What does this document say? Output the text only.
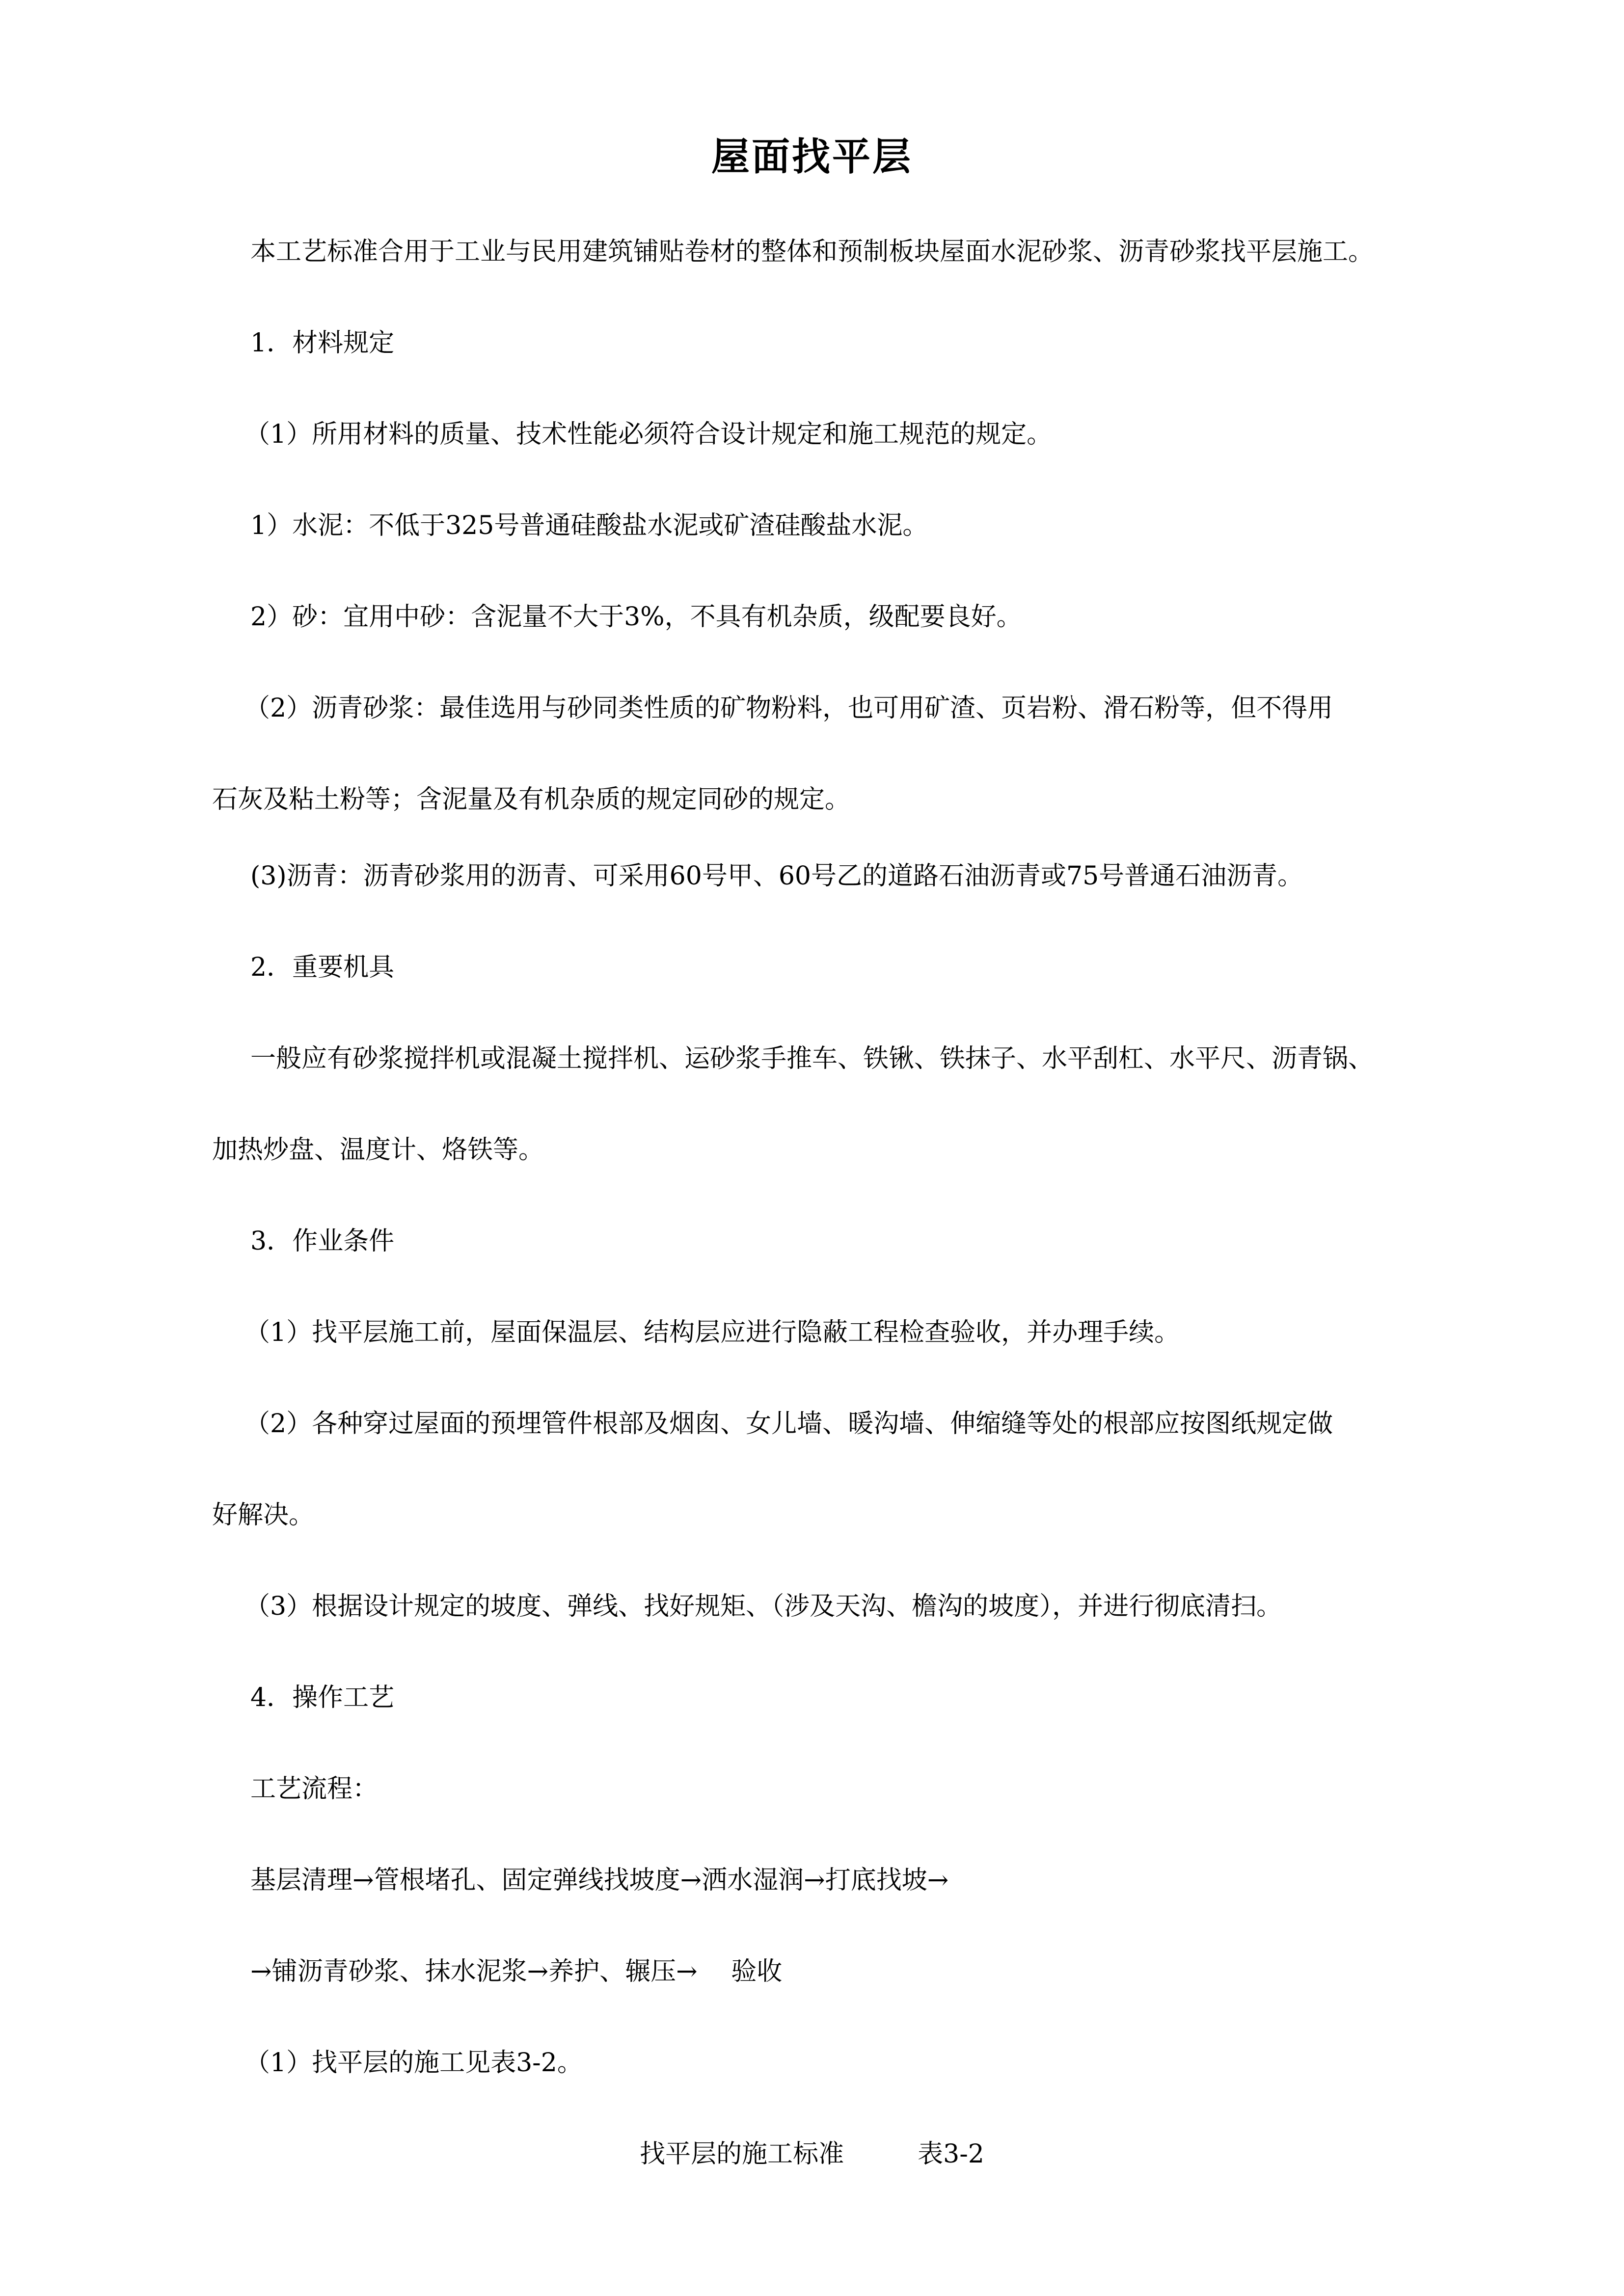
屋面找平层
本工艺标准合用于工业与民用建筑铺贴卷材的整体和预制板块屋面水泥砂浆、沥青砂浆找平层施工。
1．材料规定
（1）所用材料的质量、技术性能必须符合设计规定和施工规范的规定。
1）水泥：不低于325号普通硅酸盐水泥或矿渣硅酸盐水泥。
2）砂：宜用中砂：含泥量不大于3%，不具有机杂质，级配要良好。
（2）沥青砂浆：最佳选用与砂同类性质的矿物粉料，也可用矿渣、页岩粉、滑石粉等，但不得用
石灰及粘土粉等；含泥量及有机杂质的规定同砂的规定。
(3)沥青：沥青砂浆用的沥青、可采用60号甲、60号乙的道路石油沥青或75号普通石油沥青。
2．重要机具
一般应有砂浆搅拌机或混凝土搅拌机、运砂浆手推车、铁锹、铁抹子、水平刮杠、水平尺、沥青锅、
加热炒盘、温度计、烙铁等。
3．作业条件
（1）找平层施工前，屋面保温层、结构层应进行隐蔽工程检查验收，并办理手续。
（2）各种穿过屋面的预埋管件根部及烟囱、女儿墙、暖沟墙、伸缩缝等处的根部应按图纸规定做
好解决。
（3）根据设计规定的坡度、弹线、找好规矩、（涉及天沟、檐沟的坡度），并进行彻底清扫。
4．操作工艺
工艺流程：
基层清理→管根堵孔、固定弹线找坡度→洒水湿润→打底找坡→
→铺沥青砂浆、抹水泥浆→养护、辗压→ 　验收
（1）找平层的施工见表3-2。
找平层的施工标准	表3-2
